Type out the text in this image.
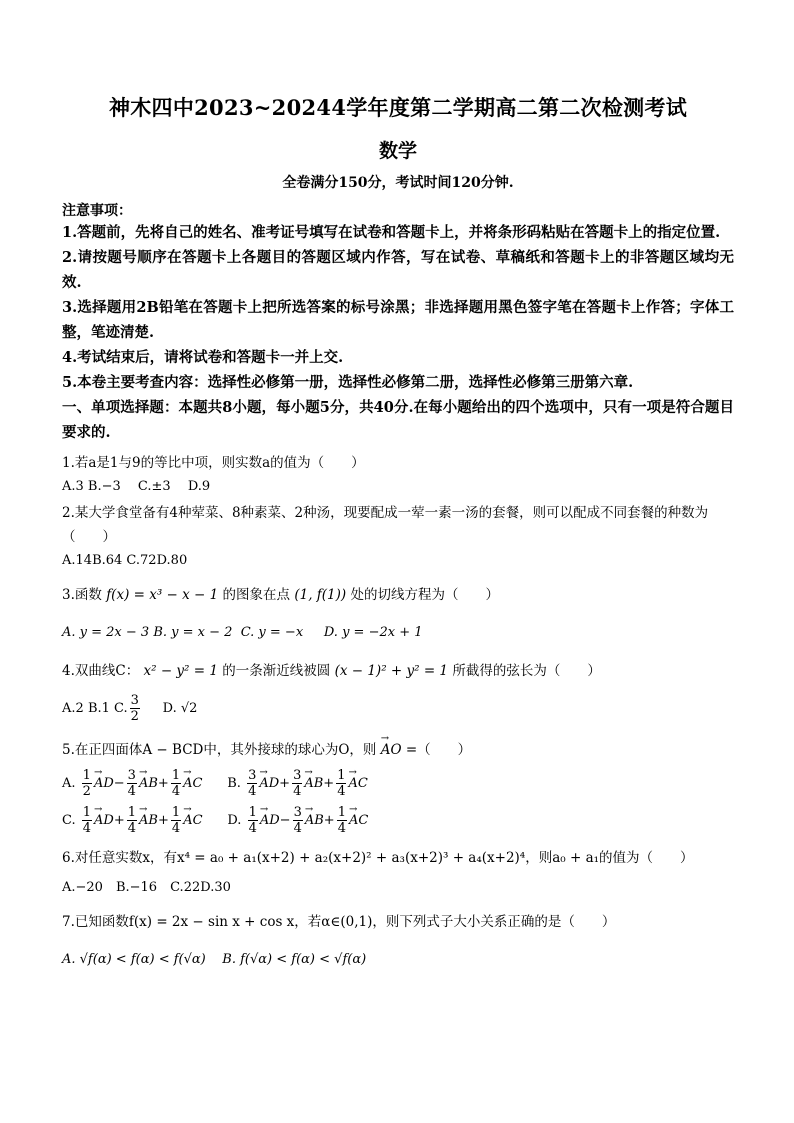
神木四中2023~20244学年度第二学期高二第二次检测考试
数学
全卷满分150分，考试时间120分钟.
注意事项：
1.答题前，先将自己的姓名、准考证号填写在试卷和答题卡上，并将条形码粘贴在答题卡上的指定位置.
2.请按题号顺序在答题卡上各题目的答题区域内作答，写在试卷、草稿纸和答题卡上的非答题区域均无效.
3.选择题用2B铅笔在答题卡上把所选答案的标号涂黑；非选择题用黑色签字笔在答题卡上作答；字体工整，笔迹清楚.
4.考试结束后，请将试卷和答题卡一并上交.
5.本卷主要考查内容：选择性必修第一册，选择性必修第二册，选择性必修第三册第六章.
一、单项选择题：本题共8小题，每小题5分，共40分.在每小题给出的四个选项中，只有一项是符合题目要求的.
1.若a是1与9的等比中项，则实数a的值为（　　）
A.3 B.−3　 C.±3　 D.9
2.某大学食堂备有4种荤菜、8种素菜、2种汤，现要配成一荤一素一汤的套餐，则可以配成不同套餐的种数为（　　）
A.14B.64 C.72D.80
3.函数 f(x) = x³ − x − 1 的图象在点 (1, f(1)) 处的切线方程为（　　）
A. y = 2x − 3 B. y = x − 2 C. y = −x D. y = −2x + 1
4.双曲线C： x² − y² = 1 的一条渐近线被圆 (x − 1)² + y² = 1 所截得的弦长为（　　）
A.2 B.1 C. $\frac{3}{2} D$. √2
5.在正四面体A − BCD中，其外接球的球心为O，则 → AO =（　　）
A. $\frac{1}{2}$
→ $AD- \frac{3}{4}$
→ $AB+ \frac{1}{4}$
→ AC B. $\frac{3}{4}$
→ $AD+ \frac{3}{4}$
→ $AB+ \frac{1}{4}$
→ AC
C. $\frac{1}{4}$
→ $AD+ \frac{1}{4}$
→ $AB+ \frac{1}{4}$
→ AC D. $\frac{1}{4}$
→ $AD- \frac{3}{4}$
→ $AB+ \frac{1}{4}$
→ AC
6.对任意实数x，有x⁴ = a₀ + a₁(x+2) + a₂(x+2)² + a₃(x+2)³ + a₄(x+2)⁴，则a₀ + a₁的值为（　　）
A.−20　B.−16　C.22D.30
7.已知函数f(x) = 2x − sin x + cos x，若α∈(0,1)，则下列式子大小关系正确的是（　　）
A. √f(α) < f(α) < f(√α) B. f(√α) < f(α) < √f(α)
